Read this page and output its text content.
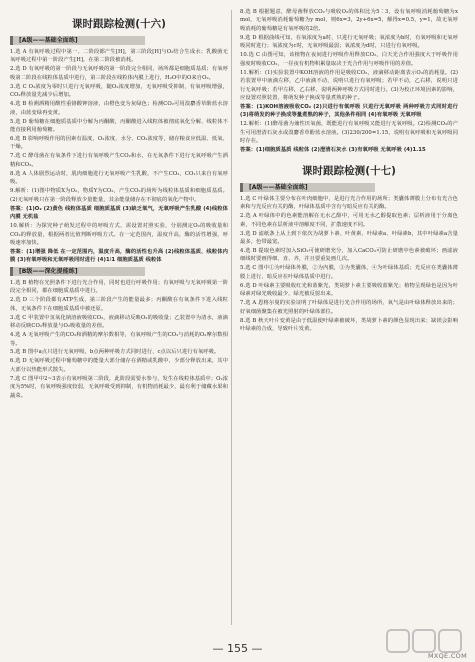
课时跟踪检测(十六)
[A级——基础全面练]
1.选 A 有氧呼吸过程中第一、二阶段都产生[H]，第三阶段[H]与O₂结合生成水；乳酸菌无氧呼吸过程中第一阶段产生[H]，在第二阶段被消耗。
2.选 D 有氧呼吸的第一阶段与无氧呼吸的第一阶段完全相同，场所都是细胞质基质；有氧呼吸第二阶段在线粒体基质中进行，第三阶段在线粒体内膜上进行，H₂O中的O来自O₂。
3.选 C O₂浓度为零时只进行无氧呼吸，随O₂浓度增加，无氧呼吸受抑制，有氧呼吸增强，CO₂释放量先减少后增加。
4.选 B 检测酒精用酸性重铬酸钾溶液，由橙色变为灰绿色；检测CO₂可用溴麝香草酚蓝水溶液，由蓝变绿再变黄。
5.选 D 葡萄糖在细胞质基质中分解为丙酮酸，丙酮酸进入线粒体被彻底氧化分解，线粒体不能直接利用葡萄糖。
6.选 B 影响呼吸作用的因素有温度、O₂浓度、水分、CO₂浓度等，储存粮食应低温、低氧、干燥。
7.选 C 酵母菌在有氧条件下进行有氧呼吸产生CO₂和水，在无氧条件下进行无氧呼吸产生酒精和CO₂。
8.选 A 人体剧烈运动时，肌肉细胞进行无氧呼吸产生乳酸，不产生CO₂，CO₂只来自有氧呼吸。
9.解析：(1)图中物质X为O₂，物质Y为CO₂，产生CO₂的场所为线粒体基质和细胞质基质。(2)无氧呼吸只在第一阶段释放少量能量，其余能量储存在不彻底的氧化产物中。
答案：(1)O₂ (2)黄色 线粒体基质 细胞质基质 (3)缺乏氧气，无氧呼吸产生乳酸 (4)线粒体内膜 无机盐
10.解析：为探究种子萌发过程中的呼吸方式，需设置对照实验，分别测定O₂的吸收量和CO₂的释放量，根据两者比值判断呼吸方式。在一定范围内，温度升高，酶的活性增强，呼吸速率加快。
答案：(1)增强 降低 在一定范围内，温度升高，酶的活性也升高 (2)线粒体基质、线粒体内膜 (3)有氧呼吸和无氧呼吸同时进行 (4)1∶1 细胞质基质 线粒体
[B级——深化提能练]
1.选 B 植物在光照条件下进行光合作用，同时也进行呼吸作用；有氧呼吸与无氧呼吸第一阶段完全相同，都在细胞质基质中进行。
2.选 D 三个阶段都有ATP生成，第三阶段产生的能量最多；丙酮酸在有氧条件下进入线粒体，无氧条件下在细胞质基质中被还原。
3.选 C 甲装置中氢氧化钠溶液吸收CO₂，液滴移动反映O₂的吸收量；乙装置中为清水，液滴移动反映CO₂释放量与O₂吸收量的差值。
4.选 A 无氧呼吸产生的CO₂和酒精的摩尔数相等，有氧呼吸产生的CO₂与消耗的O₂摩尔数相等。
5.选 B 图中a点只进行无氧呼吸，b点两种呼吸方式同时进行，c点以后只进行有氧呼吸。
6.选 D 无氧呼吸过程中葡萄糖中的能量大部分储存在酒精或乳酸中，少部分释放出来，其中大部分以热能形式散失。
7.选 C 图甲中2~3表示有氧呼吸第二阶段，此阶段需要水参与，发生在线粒体基质中；O₂浓度为5%时，有氧呼吸强度较弱，无氧呼吸受到抑制，有机物消耗最少，最有利于储藏水果和蔬菜。
8.选 B 根据题意，酵母菌释放CO₂与吸收O₂的体积比为5∶3，设有氧呼吸消耗葡萄糖为x mol，无氧呼吸消耗葡萄糖为y mol，则6x=3，2y+6x=5，解得x=0.5，y=1，故无氧呼吸消耗的葡萄糖是有氧呼吸的2倍。
9.选 D 根据曲线可知，在氧浓度为a时，只进行无氧呼吸；氧浓度为b时，有氧呼吸和无氧呼吸同时进行；氧浓度为c时，无氧呼吸最弱；氧浓度为d时，只进行有氧呼吸。
10.选 C 由图可知，该植物在夜间进行呼吸作用释放CO₂，白天光合作用强度大于呼吸作用强度时吸收CO₂，一昼夜有机物积累量取决于光合作用与呼吸作用的差值。
11.解析：(1)实验装置中KOH溶液的作用是吸收CO₂，液滴移动距离表示O₂的消耗量。(2)若装置甲中液滴左移，乙中液滴不动，说明只进行有氧呼吸；若甲不动，乙右移，说明只进行无氧呼吸；若甲左移，乙右移，说明两种呼吸方式同时进行。(3)为校正环境因素的影响，应设置对照装置，将萌发种子换成等量煮熟的种子。
答案：(1)KOH溶液吸收CO₂ (2)只进行有氧呼吸 只进行无氧呼吸 两种呼吸方式同时进行 (3)将萌发的种子换成等量煮熟的种子，其他条件相同 (4)有氧呼吸 无氧呼吸
12.解析：(1)酵母菌为兼性厌氧菌，既能进行有氧呼吸又能进行无氧呼吸。(2)检测CO₂的产生可用澄清石灰水或溴麝香草酚蓝水溶液。(3)230/200=1.15，说明有氧呼吸和无氧呼吸同时存在。
答案：(1)细胞质基质 线粒体 (2)澄清石灰水 (3)有氧呼吸 无氧呼吸 (4)1.15
课时跟踪检测(十七)
[A级——基础全面练]
1.选 C 叶绿体主要分布在叶肉细胞中，是进行光合作用的场所；类囊体薄膜上分布有光合色素和与光反应有关的酶，叶绿体基质中含有与暗反应有关的酶。
2.选 A 叶绿体中的色素能溶解在无水乙醇中，可用无水乙醇提取色素；层析液用于分离色素，不同色素在层析液中溶解度不同，扩散速度不同。
3.选 D 滤纸条上从上到下依次为胡萝卜素、叶黄素、叶绿素a、叶绿素b，其中叶绿素a含量最多，色带最宽。
4.选 B 提取色素时加入SiO₂可使研磨充分，加入CaCO₃可防止研磨中色素被破坏；画滤液细线时要画得细、直、齐，并且要重复画几次。
5.选 C 图中①为叶绿体外膜，②为内膜，③为类囊体，④为叶绿体基质；光反应在类囊体薄膜上进行，暗反应在叶绿体基质中进行。
6.选 D 叶绿素主要吸收红光和蓝紫光，类胡萝卜素主要吸收蓝紫光；植物呈现绿色是因为叶绿素对绿光吸收最少，绿光被反射出来。
7.选 A 恩格尔曼的实验证明了叶绿体是进行光合作用的场所，氧气是由叶绿体释放出来的；好氧细菌聚集在被光照射的叶绿体部位。
8.选 B 秋天叶片变黄是由于低温使叶绿素被破坏，类胡萝卜素的颜色显现出来；缺镁会影响叶绿素的合成，导致叶片发黄。
— 155 —
MXQE.COM
